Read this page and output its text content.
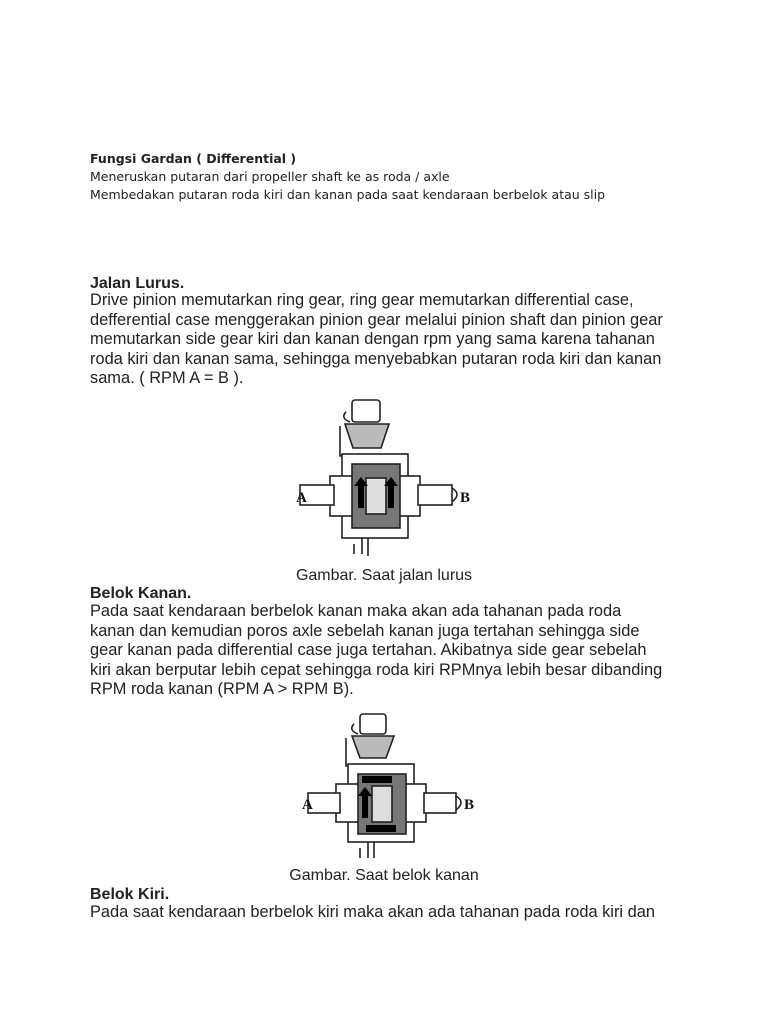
Fungsi Gardan ( Differential )
Meneruskan putaran dari propeller shaft ke as roda / axle
Membedakan putaran roda kiri dan kanan pada saat kendaraan berbelok atau slip
Jalan Lurus.
Drive pinion memutarkan ring gear, ring gear memutarkan differential case,
defferential case menggerakan pinion gear melalui pinion shaft dan pinion gear
memutarkan side gear kiri dan kanan dengan rpm yang sama karena tahanan
roda kiri dan kanan sama, sehingga menyebabkan putaran roda kiri dan kanan
sama. ( RPM A = B ).
A	B
Gambar. Saat jalan lurus
Belok Kanan.
Pada saat kendaraan berbelok kanan maka akan ada tahanan pada roda
kanan dan kemudian poros axle sebelah kanan juga tertahan sehingga side
gear kanan pada differential case juga tertahan. Akibatnya side gear sebelah
kiri akan berputar lebih cepat sehingga roda kiri RPMnya lebih besar dibanding
RPM roda kanan (RPM A > RPM B).
A	B
Gambar. Saat belok kanan
Belok Kiri.
Pada saat kendaraan berbelok kiri maka akan ada tahanan pada roda kiri dan
